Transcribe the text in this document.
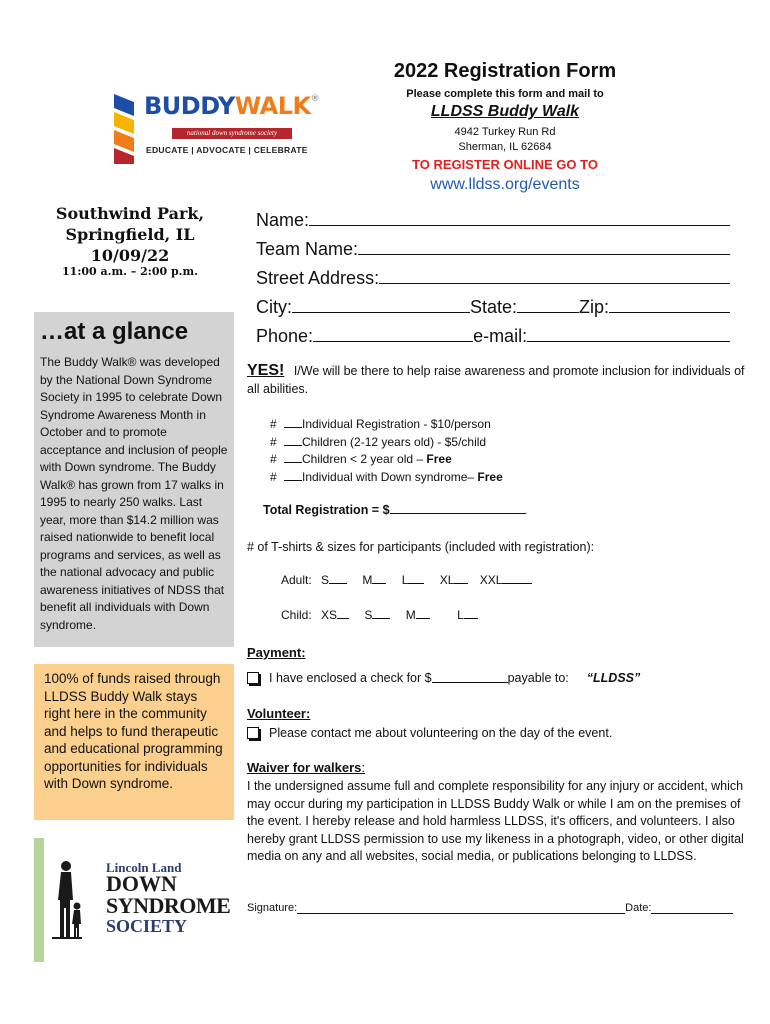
BUDDYWALK®
national down syndrome society
EDUCATE | ADVOCATE | CELEBRATE
2022 Registration Form
Please complete this form and mail to
LLDSS Buddy Walk
4942 Turkey Run Rd
Sherman, IL 62684
TO REGISTER ONLINE GO TO
www.lldss.org/events
Southwind Park,
Springfield, IL
10/09/22
11:00 a.m. – 2:00 p.m.
…at a glance
The Buddy Walk® was developed by the National Down Syndrome Society in 1995 to celebrate Down Syndrome Awareness Month in October and to promote acceptance and inclusion of people with Down syndrome. The Buddy Walk® has grown from 17 walks in 1995 to nearly 250 walks. Last year, more than $14.2 million was raised nationwide to benefit local programs and services, as well as the national advocacy and public awareness initiatives of NDSS that benefit all individuals with Down syndrome.
100% of funds raised through LLDSS Buddy Walk stays right here in the community and helps to fund therapeutic and educational programming opportunities for individuals with Down syndrome.
Lincoln Land
DOWN
SYNDROME
SOCIETY
Name:
Team Name:
Street Address:
City:	State:	Zip:
Phone:	e-mail:
YES! I/We will be there to help raise awareness and promote inclusion for individuals of all abilities.
# Individual Registration - $10/person
# Children (2-12 years old) - $5/child
# Children < 2 year old – Free
# Individual with Down syndrome– Free
Total Registration = $
# of T-shirts & sizes for participants (included with registration):
Adult: S	M L	XL XXL
Child: XS S	M	L
Payment:
I have enclosed a check for $	payable to: “LLDSS”
Volunteer:
Please contact me about volunteering on the day of the event.
Waiver for walkers:
I the undersigned assume full and complete responsibility for any injury or accident, which may occur during my participation in LLDSS Buddy Walk or while I am on the premises of the event. I hereby release and hold harmless LLDSS, it's officers, and volunteers. I also hereby grant LLDSS permission to use my likeness in a photograph, video, or other digital media on any and all websites, social media, or publications belonging to LLDSS.
Signature:	Date:
